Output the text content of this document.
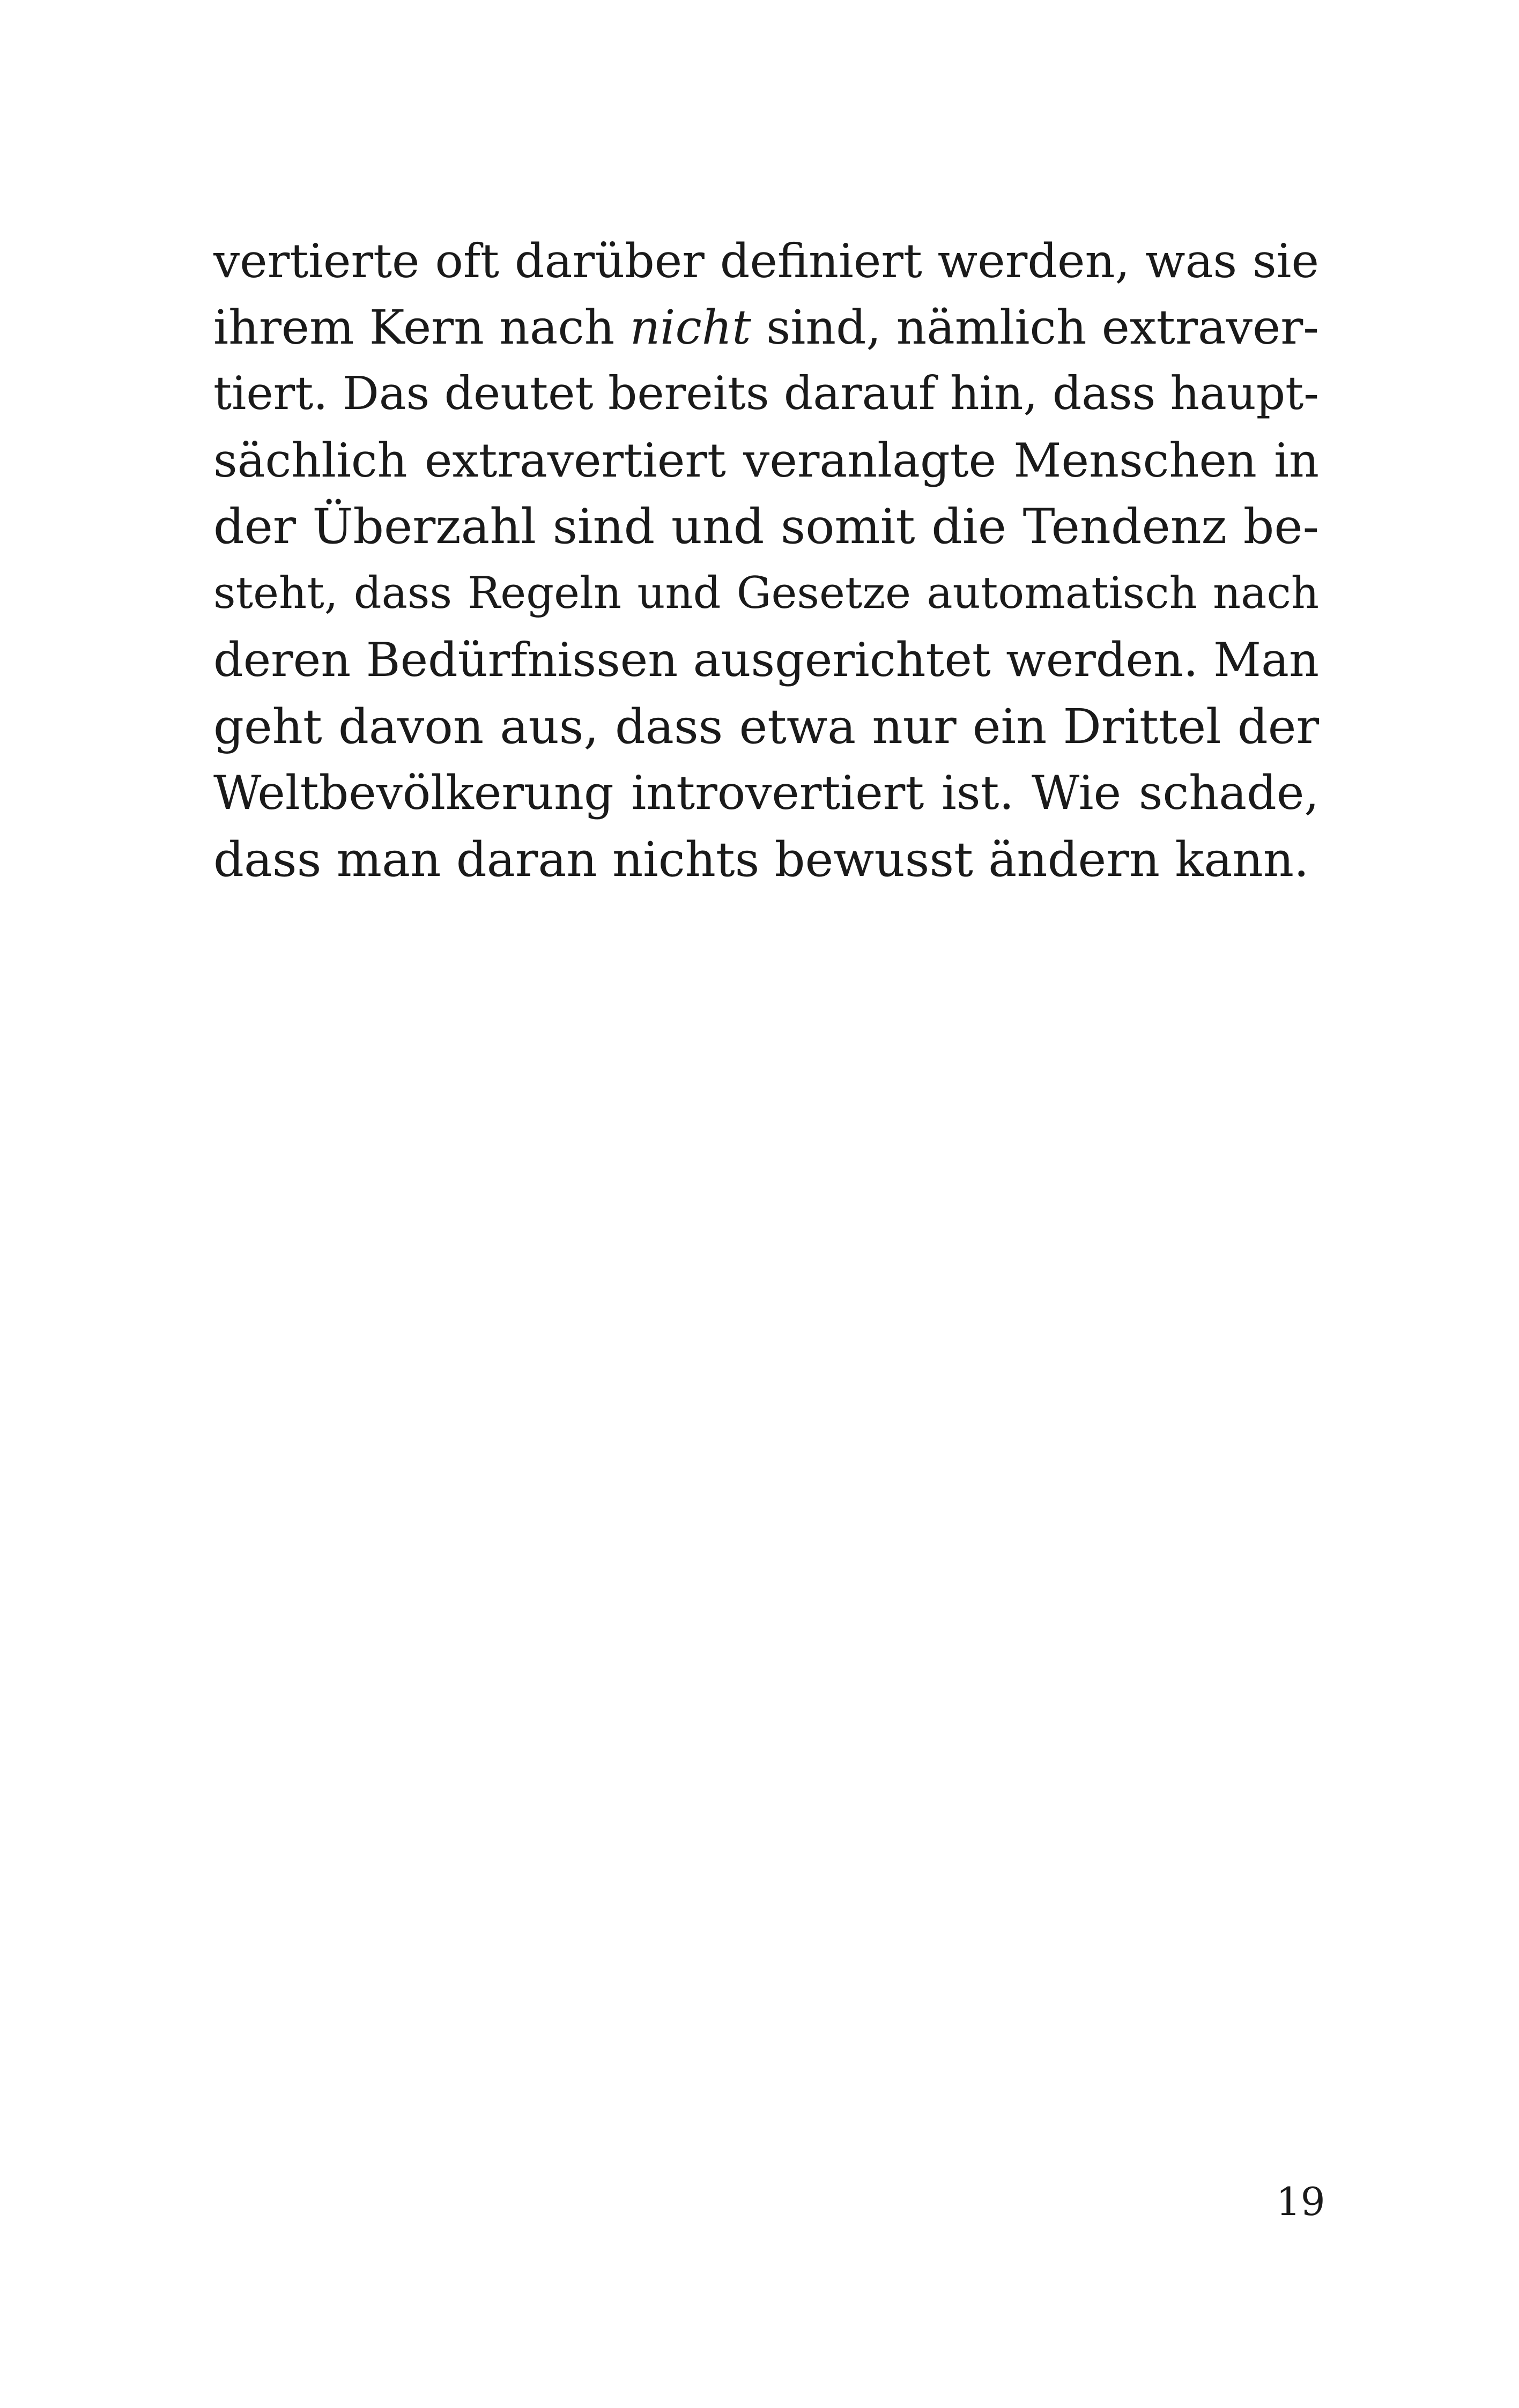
vertierte oft darüber definiert werden, was sie
ihrem Kern nach nicht sind, nämlich extraver-
tiert. Das deutet bereits darauf hin, dass haupt-
sächlich extravertiert veranlagte Menschen in
der Überzahl sind und somit die Tendenz be-
steht, dass Regeln und Gesetze automatisch nach
deren Bedürfnissen ausgerichtet werden. Man
geht davon aus, dass etwa nur ein Drittel der
Weltbevölkerung introvertiert ist. Wie schade,
dass man daran nichts bewusst ändern kann.
19
